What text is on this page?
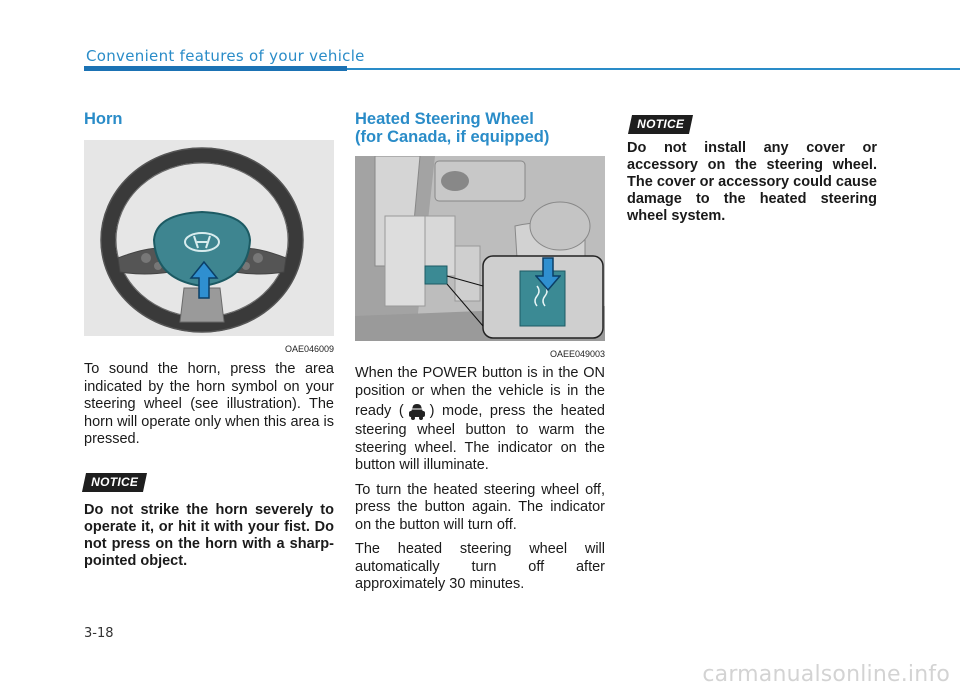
Convenient features of your vehicle
Horn
OAE046009

To sound the horn, press the area indicated by the horn symbol on your steering wheel (see illustration). The horn will operate only when this area is pressed.

NOTICE

Do not strike the horn severely to operate it, or hit it with your fist. Do not press on the horn with a sharp-pointed object.

Heated Steering Wheel
(for Canada, if equipped)
OAEE049003

When the POWER button is in the ON position or when the vehicle is in the ready ( ) mode, press the heated steering wheel button to warm the steering wheel. The indicator on the button will illuminate.

To turn the heated steering wheel off, press the button again. The indicator on the button will turn off.

The heated steering wheel will automatically turn off after approximately 30 minutes.

NOTICE

Do not install any cover or accessory on the steering wheel. The cover or accessory could cause damage to the heated steering wheel system.

3-18
carmanualsonline.info
